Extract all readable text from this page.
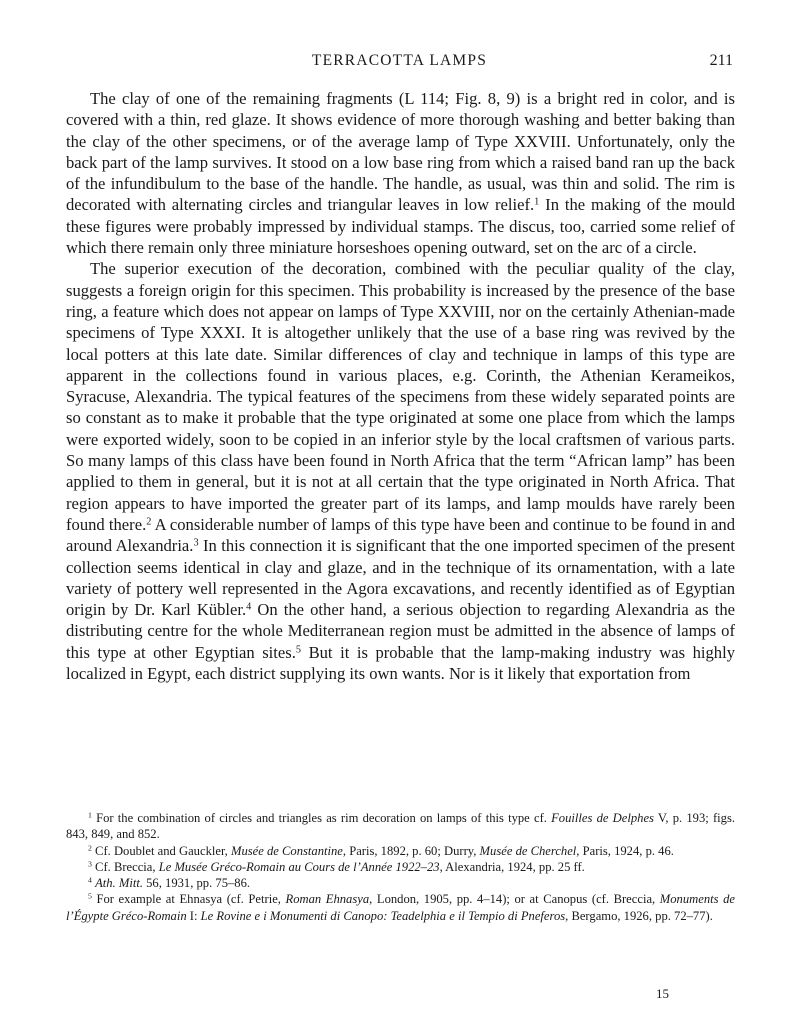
TERRACOTTA LAMPS	211

The clay of one of the remaining fragments (L 114; Fig. 8, 9) is a bright red in color, and is covered with a thin, red glaze. It shows evidence of more thorough washing and better baking than the clay of the other specimens, or of the average lamp of Type XXVIII. Unfortunately, only the back part of the lamp survives. It stood on a low base ring from which a raised band ran up the back of the infundibulum to the base of the handle. The handle, as usual, was thin and solid. The rim is decorated with alternating circles and triangular leaves in low relief.$^1$ In the making of the mould these figures were probably impressed by individual stamps. The discus, too, carried some relief of which there remain only three miniature horseshoes opening outward, set on the arc of a circle.

The superior execution of the decoration, combined with the peculiar quality of the clay, suggests a foreign origin for this specimen. This probability is increased by the presence of the base ring, a feature which does not appear on lamps of Type XXVIII, nor on the certainly Athenian-made specimens of Type XXXI. It is altogether unlikely that the use of a base ring was revived by the local potters at this late date. Similar differences of clay and technique in lamps of this type are apparent in the collections found in various places, e.g. Corinth, the Athenian Kerameikos, Syracuse, Alexandria. The typical features of the specimens from these widely separated points are so constant as to make it probable that the type originated at some one place from which the lamps were exported widely, soon to be copied in an inferior style by the local craftsmen of various parts. So many lamps of this class have been found in North Africa that the term “African lamp” has been applied to them in general, but it is not at all certain that the type originated in North Africa. That region appears to have imported the greater part of its lamps, and lamp moulds have rarely been found there.$^2$ A considerable number of lamps of this type have been and continue to be found in and around Alexandria.$^3$ In this connection it is significant that the one imported specimen of the present collection seems identical in clay and glaze, and in the technique of its ornamentation, with a late variety of pottery well represented in the Agora excavations, and recently identified as of Egyptian origin by Dr. Karl Kübler.$^4$ On the other hand, a serious objection to regarding Alexandria as the distributing centre for the whole Mediterranean region must be admitted in the absence of lamps of this type at other Egyptian sites.$^5$ But it is probable that the lamp-making industry was highly localized in Egypt, each district supplying its own wants. Nor is it likely that exportation from

$^1$ For the combination of circles and triangles as rim decoration on lamps of this type cf. Fouilles de Delphes V, p. 193; figs. 843, 849, and 852.

$^2$ Cf. Doublet and Gauckler, Musée de Constantine, Paris, 1892, p. 60; Durry, Musée de Cherchel, Paris, 1924, p. 46.

$^3$ Cf. Breccia, Le Musée Gréco-Romain au Cours de l’Année 1922–23, Alexandria, 1924, pp. 25 ff.

$^4$ Ath. Mitt. 56, 1931, pp. 75–86.

$^5$ For example at Ehnasya (cf. Petrie, Roman Ehnasya, London, 1905, pp. 4–14); or at Canopus (cf. Breccia, Monuments de l’Égypte Gréco-Romain I: Le Rovine e i Monumenti di Canopo: Teadelphia e il Tempio di Pneferos, Bergamo, 1926, pp. 72–77).

15
